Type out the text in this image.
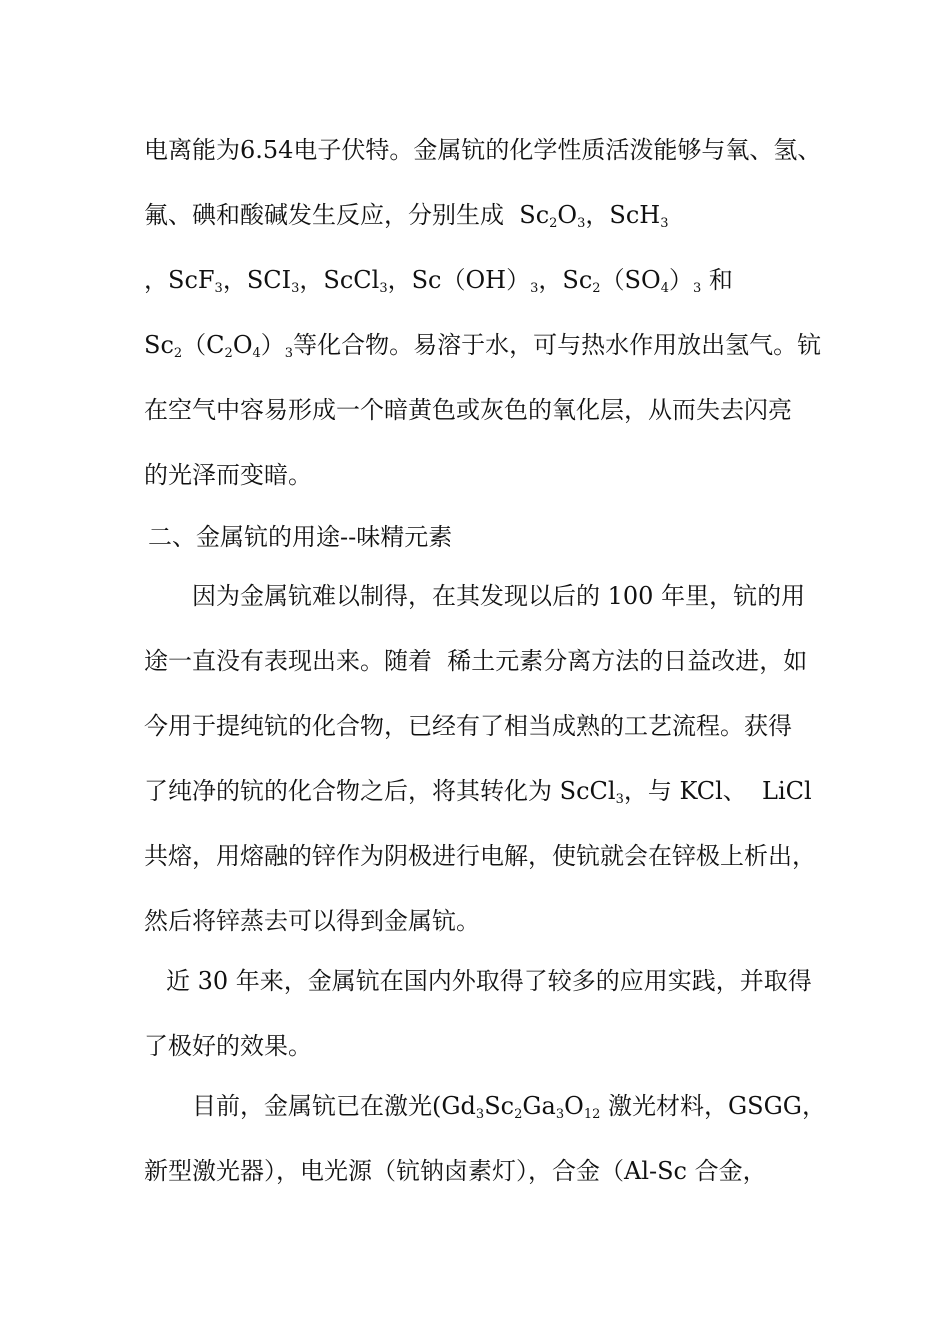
电离能为6.54电子伏特。金属钪的化学性质活泼能够与氧、氢、
氟、碘和酸碱发生反应，分别生成  $Sc_2O_3$，ScH$_3$
，ScF$_3$，$SCI_3$，ScCl$_3$，$Sc(OH)_3$，$Sc_2(SO_4)_3$ 和
$Sc_2(C_2O_4)_3$等化合物。易溶于水，可与热水作用放出氢气。钪
在空气中容易形成一个暗黄色或灰色的氧化层，从而失去闪亮
的光泽而变暗。
二、金属钪的用途--味精元素
因为金属钪难以制得，在其发现以后的 100 年里，钪的用
途一直没有表现出来。随着  稀土元素分离方法的日益改进，如
今用于提纯钪的化合物，已经有了相当成熟的工艺流程。获得
了纯净的钪的化合物之后，将其转化为 ScCl$_3$，与 KCl、  LiCl
共熔，用熔融的锌作为阴极进行电解，使钪就会在锌极上析出，
然后将锌蒸去可以得到金属钪。
近 30 年来，金属钪在国内外取得了较多的应用实践，并取得
了极好的效果。
目前，金属钪已在激光($Gd_3Sc_2Ga_3O_{12}$ 激光材料，GSGG，
新型激光器），电光源（钪钠卤素灯），合金（Al-Sc 合金，
